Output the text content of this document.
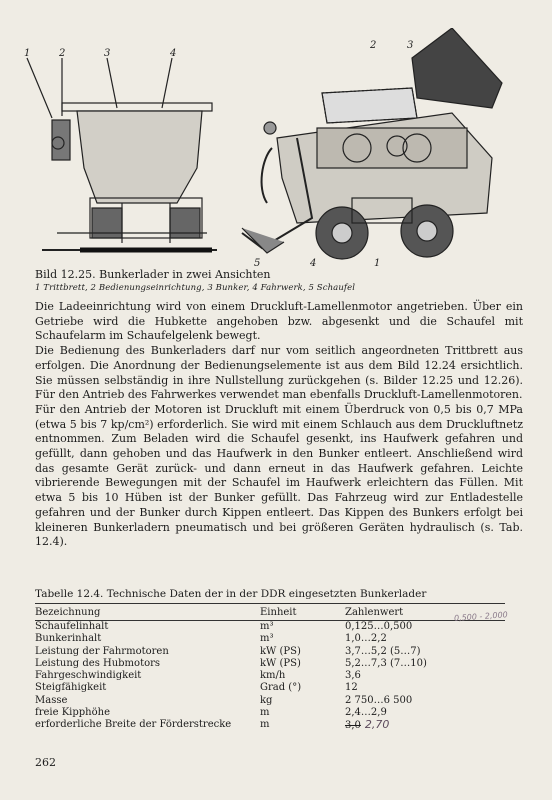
1	2	3	4
2	3
5	4	1

Bild 12.25. Bunkerlader in zwei Ansichten

1 Trittbrett, 2 Bedienungseinrichtung, 3 Bunker, 4 Fahrwerk, 5 Schaufel

Die Ladeeinrichtung wird von einem Druckluft-Lamellenmotor angetrieben. Über ein Getriebe wird die Hubkette angehoben bzw. abgesenkt und die Schaufel mit Schaufelarm im Schaufelgelenk bewegt.

Die Bedienung des Bunkerladers darf nur vom seitlich angeordneten Trittbrett aus erfolgen. Die Anordnung der Bedienungselemente ist aus dem Bild 12.24 ersichtlich. Sie müssen selbständig in ihre Nullstellung zurückgehen (s. Bilder 12.25 und 12.26). Für den Antrieb des Fahrwerkes verwendet man ebenfalls Druckluft-Lamellenmotoren.

Für den Antrieb der Motoren ist Druckluft mit einem Überdruck von 0,5 bis 0,7 MPa (etwa 5 bis 7 kp/cm²) erforderlich. Sie wird mit einem Schlauch aus dem Druckluftnetz entnommen. Zum Beladen wird die Schaufel gesenkt, ins Haufwerk gefahren und gefüllt, dann gehoben und das Haufwerk in den Bunker entleert. Anschließend wird das gesamte Gerät zurück- und dann erneut in das Haufwerk gefahren. Leichte vibrierende Bewegungen mit der Schaufel im Haufwerk erleichtern das Füllen. Mit etwa 5 bis 10 Hüben ist der Bunker gefüllt. Das Fahrzeug wird zur Entladestelle gefahren und der Bunker durch Kippen entleert. Das Kippen des Bunkers erfolgt bei kleineren Bunkerladern pneumatisch und bei größeren Geräten hydraulisch (s. Tab. 12.4).

Tabelle 12.4. Technische Daten der in der DDR eingesetzten Bunkerlader

Bezeichnung	Einheit	Zahlenwert
Schaufelinhalt	m³	0,125…0,500
Bunkerinhalt	m³	1,0…2,2
Leistung der Fahrmotoren	kW (PS)	3,7…5,2 (5…7)
Leistung des Hubmotors	kW (PS)	5,2…7,3 (7…10)
Fahrgeschwindigkeit	km/h	3,6
Steigfähigkeit	Grad (°)	12
Masse	kg	2 750…6 500
freie Kipphöhe	m	2,4…2,9
erforderliche Breite der Förderstrecke	m	3,0 2,70
0,500 - 2,000

262
